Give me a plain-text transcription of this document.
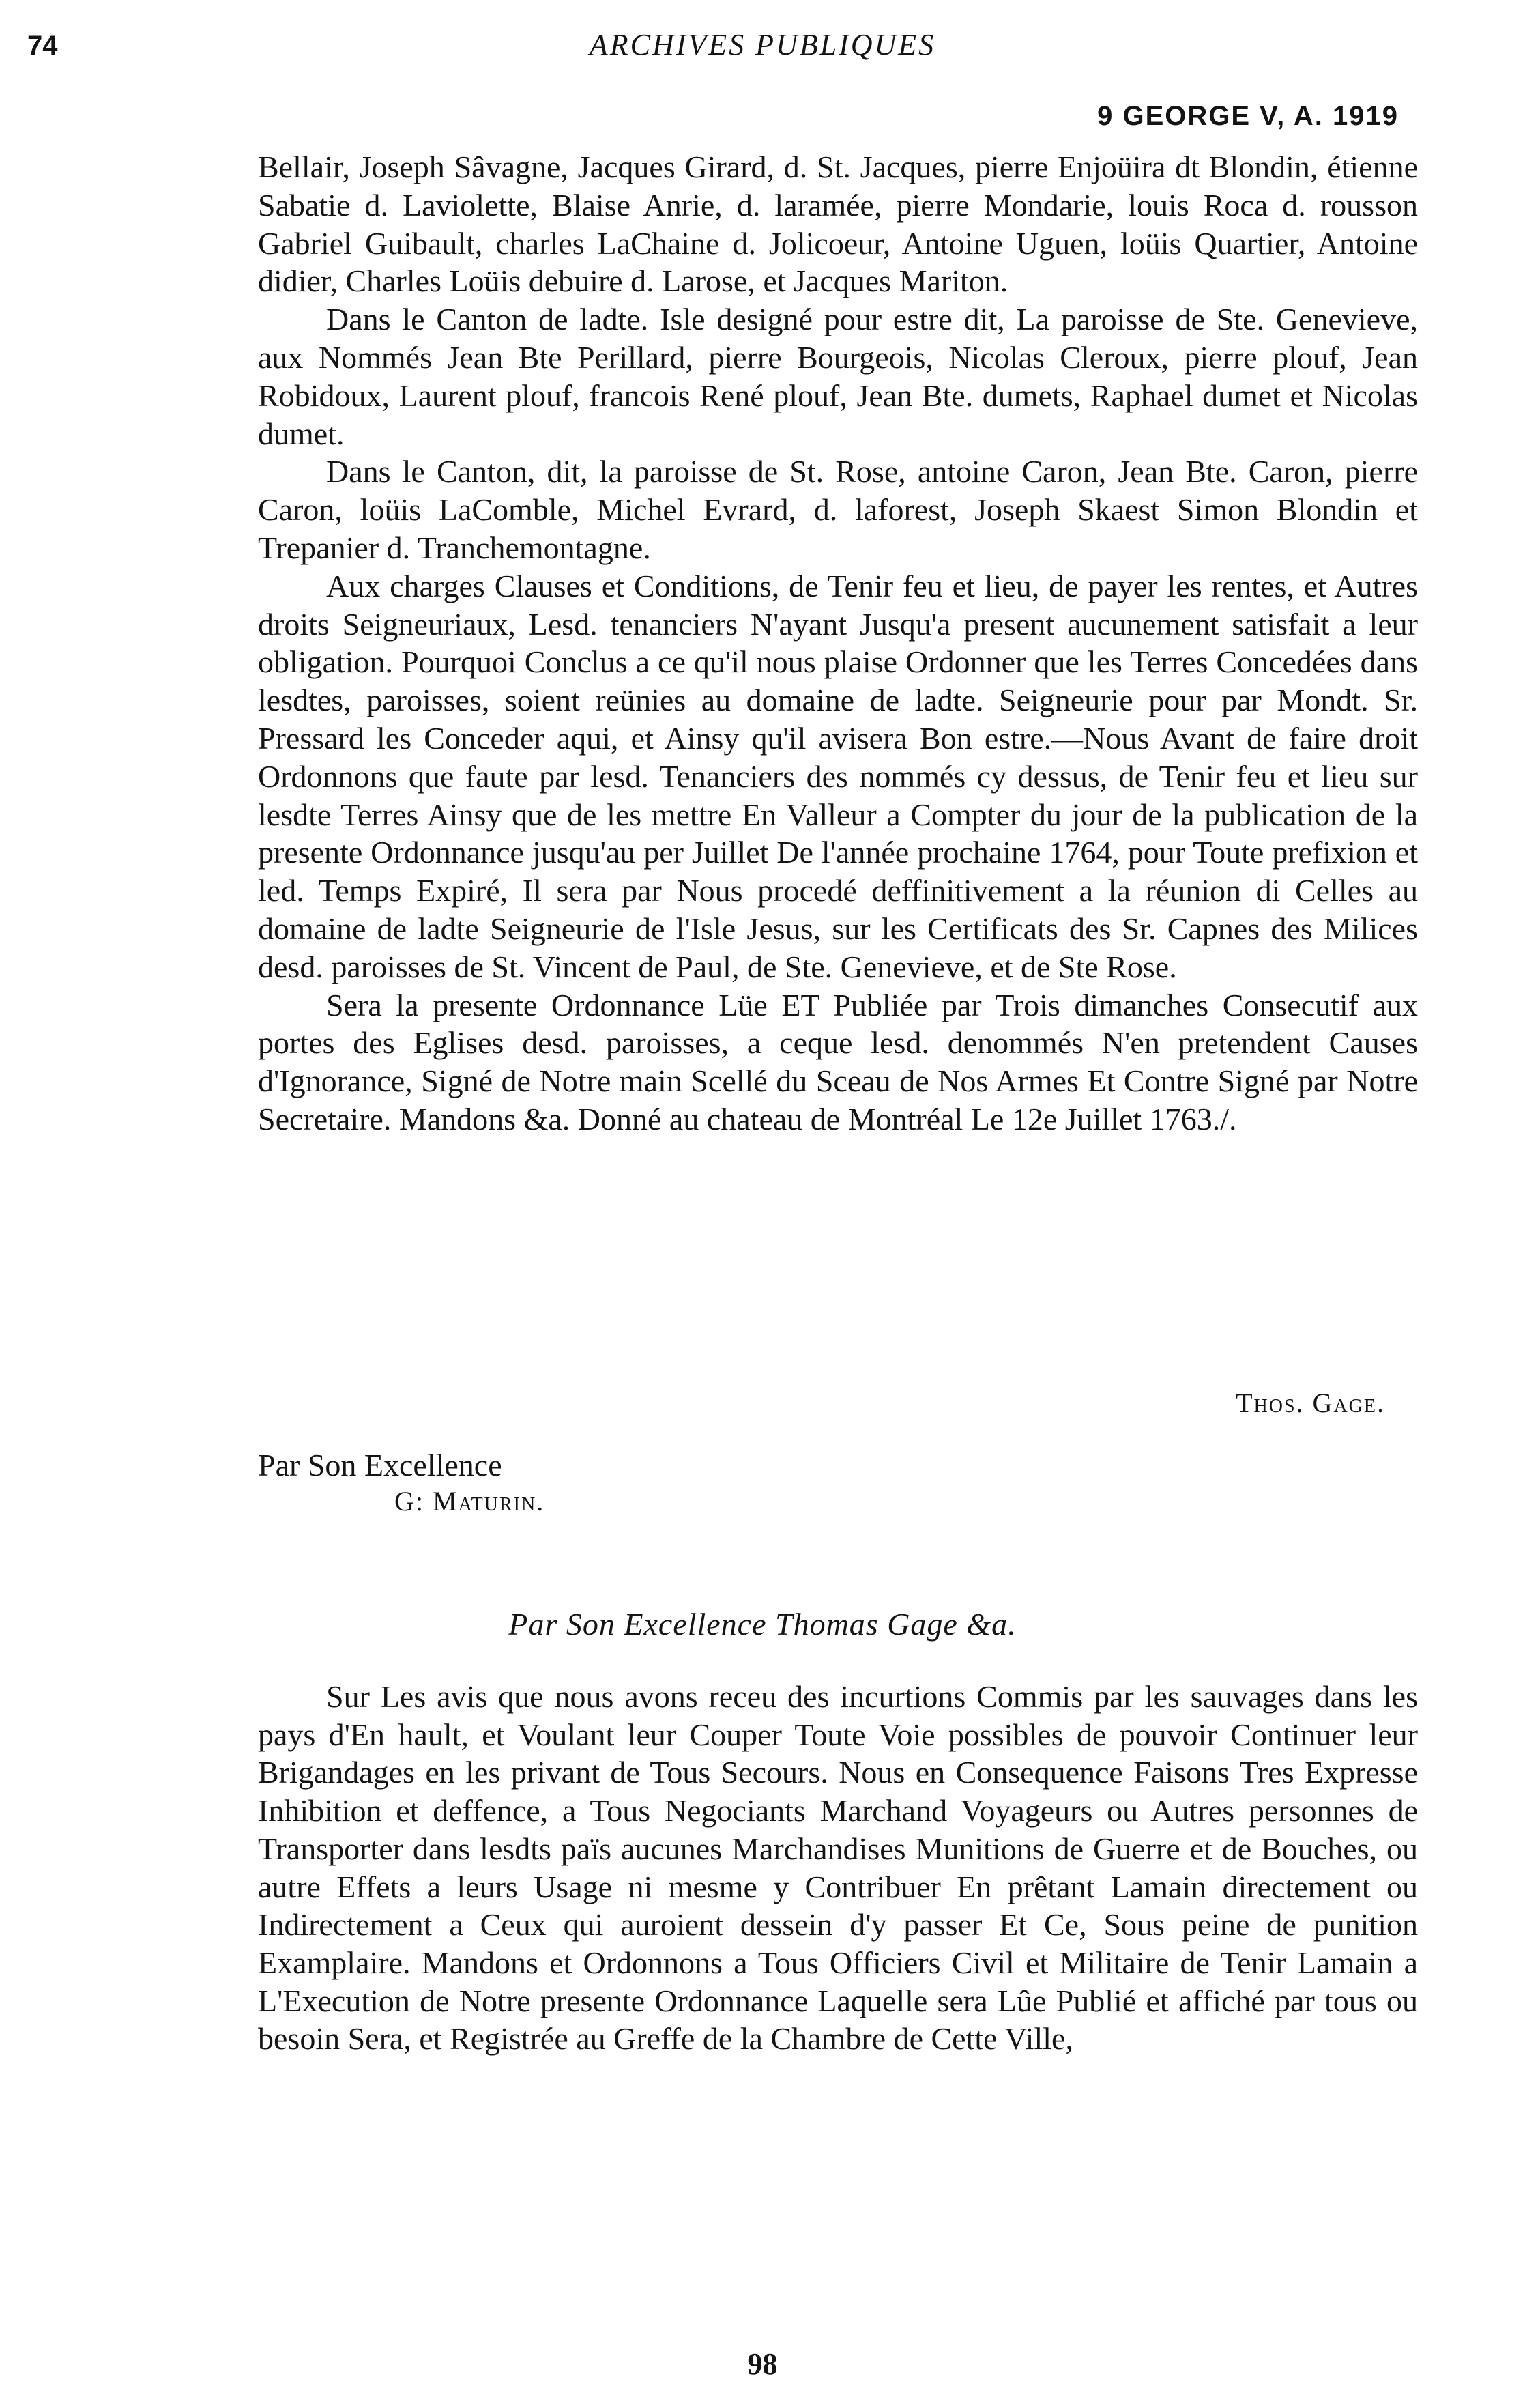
74	ARCHIVES PUBLIQUES
9 GEORGE V, A. 1919

Bellair, Joseph Sâvagne, Jacques Girard, d. St. Jacques, pierre Enjoüira dt Blondin, étienne Sabatie d. Laviolette, Blaise Anrie, d. laramée, pierre Mondarie, louis Roca d. rousson Gabriel Guibault, charles LaChaine d. Jolicoeur, Antoine Uguen, loüis Quartier, Antoine didier, Charles Loüis debuire d. Larose, et Jacques Mariton.

Dans le Canton de ladte. Isle designé pour estre dit, La paroisse de Ste. Genevieve, aux Nommés Jean Bte Perillard, pierre Bourgeois, Nicolas Cleroux, pierre plouf, Jean Robidoux, Laurent plouf, francois René plouf, Jean Bte. dumets, Raphael dumet et Nicolas dumet.

Dans le Canton, dit, la paroisse de St. Rose, antoine Caron, Jean Bte. Caron, pierre Caron, loüis LaComble, Michel Evrard, d. laforest, Joseph Skaest Simon Blondin et Trepanier d. Tranchemontagne.

Aux charges Clauses et Conditions, de Tenir feu et lieu, de payer les rentes, et Autres droits Seigneuriaux, Lesd. tenanciers N'ayant Jusqu'a present aucunement satisfait a leur obligation. Pourquoi Conclus a ce qu'il nous plaise Ordonner que les Terres Concedées dans lesdtes, paroisses, soient reünies au domaine de ladte. Seigneurie pour par Mondt. Sr. Pressard les Conceder aqui, et Ainsy qu'il avisera Bon estre.—Nous Avant de faire droit Ordonnons que faute par lesd. Tenanciers des nommés cy dessus, de Tenir feu et lieu sur lesdte Terres Ainsy que de les mettre En Valleur a Compter du jour de la publication de la presente Ordonnance jusqu'au per Juillet De l'année prochaine 1764, pour Toute prefixion et led. Temps Expiré, Il sera par Nous procedé deffinitivement a la réunion di Celles au domaine de ladte Seigneurie de l'Isle Jesus, sur les Certificats des Sr. Capnes des Milices desd. paroisses de St. Vincent de Paul, de Ste. Genevieve, et de Ste Rose.

Sera la presente Ordonnance Lüe ET Publiée par Trois dimanches Consecutif aux portes des Eglises desd. paroisses, a ceque lesd. denommés N'en pretendent Causes d'Ignorance, Signé de Notre main Scellé du Sceau de Nos Armes Et Contre Signé par Notre Secretaire. Mandons &a. Donné au chateau de Montréal Le 12e Juillet 1763./.

Thos. Gage.
Par Son Excellence
G: Maturin.
Par Son Excellence Thomas Gage &a.

Sur Les avis que nous avons receu des incurtions Commis par les sauvages dans les pays d'En hault, et Voulant leur Couper Toute Voie possibles de pouvoir Continuer leur Brigandages en les privant de Tous Secours. Nous en Consequence Faisons Tres Expresse Inhibition et deffence, a Tous Negociants Marchand Voyageurs ou Autres personnes de Transporter dans lesdts païs aucunes Marchandises Munitions de Guerre et de Bouches, ou autre Effets a leurs Usage ni mesme y Contribuer En prêtant Lamain directement ou Indirectement a Ceux qui auroient dessein d'y passer Et Ce, Sous peine de punition Examplaire. Mandons et Ordonnons a Tous Officiers Civil et Militaire de Tenir Lamain a L'Execution de Notre presente Ordonnance Laquelle sera Lûe Publié et affiché par tous ou besoin Sera, et Registrée au Greffe de la Chambre de Cette Ville,

98
